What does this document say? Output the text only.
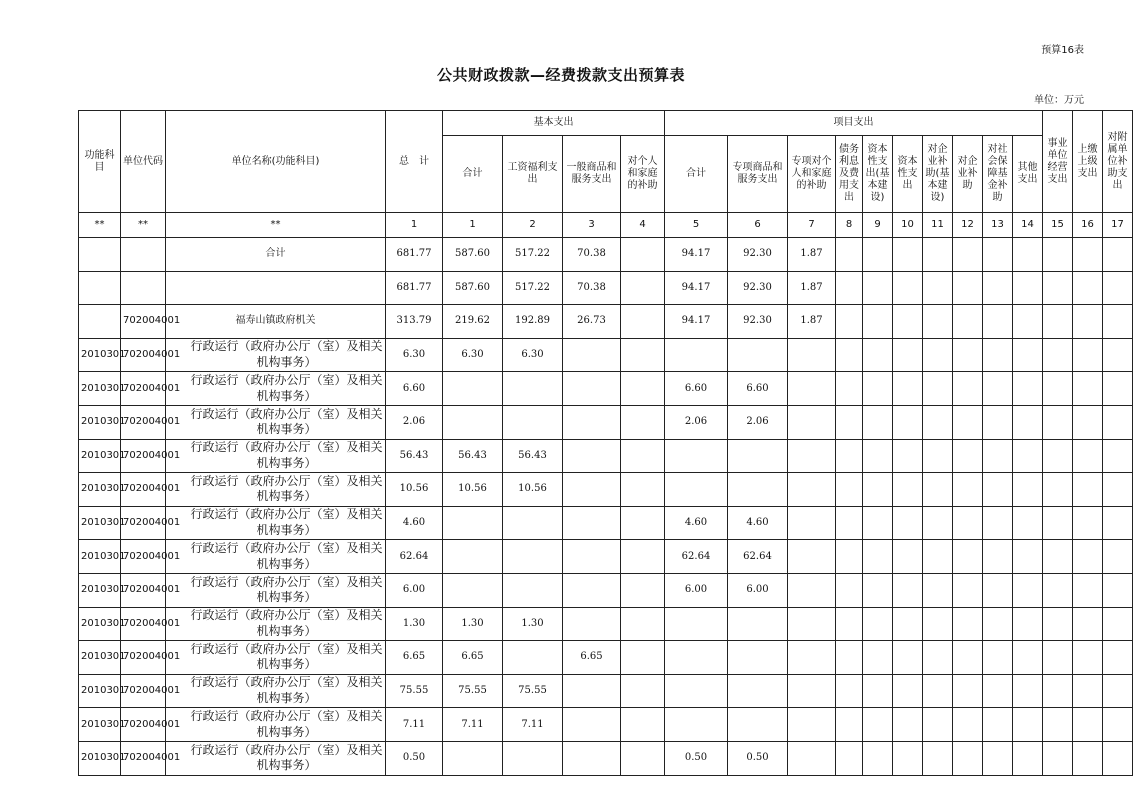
预算16表
公共财政拨款—经费拨款支出预算表
单位：万元
功能科目	单位代码	单位名称(功能科目)	总　计	基本支出				项目支出										事业单位经营支出	上缴上级支出	对附属单位补助支出
				合计	工资福利支出	一般商品和服务支出	对个人和家庭的补助	合计	专项商品和服务支出	专项对个人和家庭的补助	债务利息及费用支出	资本性支出(基本建设)	资本性支出	对企业补助(基本建设)	对企业补助	对社会保障基金补助	其他支出			
**	**	**	1	1	2	3	4	5	6	7	8	9	10	11	12	13	14	15	16	17
		合计	681.77	587.60	517.22	70.38		94.17	92.30	1.87										
			681.77	587.60	517.22	70.38		94.17	92.30	1.87										
	702004001	福寿山镇政府机关	313.79	219.62	192.89	26.73		94.17	92.30	1.87										
2010301	702004001	行政运行（政府办公厅（室）及相关机构事务）	6.30	6.30	6.30															
2010301	702004001	行政运行（政府办公厅（室）及相关机构事务）	6.60					6.60	6.60											
2010301	702004001	行政运行（政府办公厅（室）及相关机构事务）	2.06					2.06	2.06											
2010301	702004001	行政运行（政府办公厅（室）及相关机构事务）	56.43	56.43	56.43															
2010301	702004001	行政运行（政府办公厅（室）及相关机构事务）	10.56	10.56	10.56															
2010301	702004001	行政运行（政府办公厅（室）及相关机构事务）	4.60					4.60	4.60											
2010301	702004001	行政运行（政府办公厅（室）及相关机构事务）	62.64					62.64	62.64											
2010301	702004001	行政运行（政府办公厅（室）及相关机构事务）	6.00					6.00	6.00											
2010301	702004001	行政运行（政府办公厅（室）及相关机构事务）	1.30	1.30	1.30															
2010301	702004001	行政运行（政府办公厅（室）及相关机构事务）	6.65	6.65		6.65														
2010301	702004001	行政运行（政府办公厅（室）及相关机构事务）	75.55	75.55	75.55															
2010301	702004001	行政运行（政府办公厅（室）及相关机构事务）	7.11	7.11	7.11															
2010301	702004001	行政运行（政府办公厅（室）及相关机构事务）	0.50					0.50	0.50											
